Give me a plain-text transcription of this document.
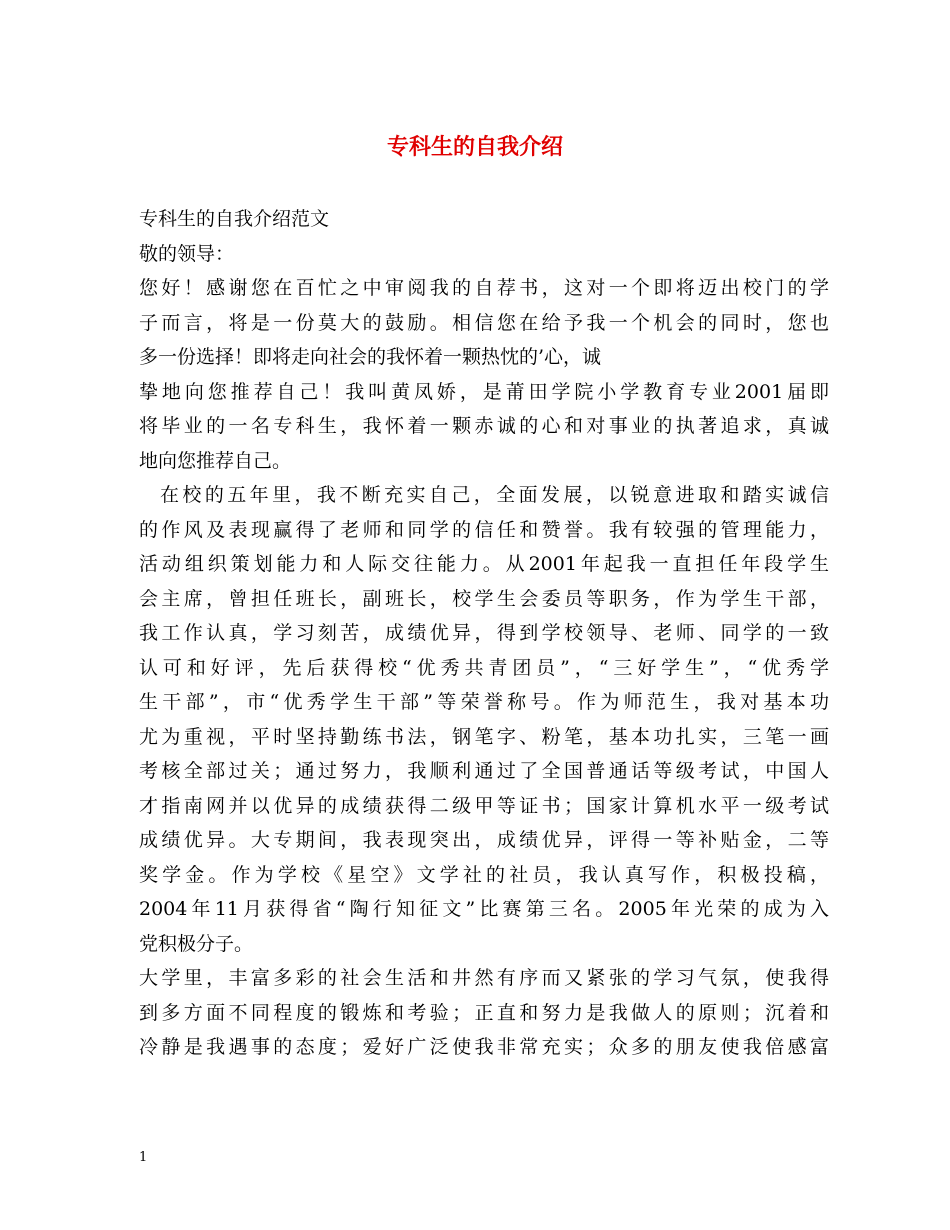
专科生的自我介绍
专科生的自我介绍范文
敬的领导：
您好！感谢您在百忙之中审阅我的自荐书，这对一个即将迈出校门的学
子而言，将是一份莫大的鼓励。相信您在给予我一个机会的同时，您也
多一份选择！即将走向社会的我怀着一颗热忱的’心，诚
挚地向您推荐自己！我叫黄凤娇，是莆田学院小学教育专业2001届即
将毕业的一名专科生，我怀着一颗赤诚的心和对事业的执著追求，真诚
地向您推荐自己。
在校的五年里，我不断充实自己，全面发展，以锐意进取和踏实诚信
的作风及表现赢得了老师和同学的信任和赞誉。我有较强的管理能力，
活动组织策划能力和人际交往能力。从2001年起我一直担任年段学生
会主席，曾担任班长，副班长，校学生会委员等职务，作为学生干部，
我工作认真，学习刻苦，成绩优异，得到学校领导、老师、同学的一致
认可和好评，先后获得校“优秀共青团员”，“三好学生”，“优秀学
生干部”，市“优秀学生干部”等荣誉称号。作为师范生，我对基本功
尤为重视，平时坚持勤练书法，钢笔字、粉笔，基本功扎实，三笔一画
考核全部过关；通过努力，我顺利通过了全国普通话等级考试，中国人
才指南网并以优异的成绩获得二级甲等证书；国家计算机水平一级考试
成绩优异。大专期间，我表现突出，成绩优异，评得一等补贴金，二等
奖学金。作为学校《星空》文学社的社员，我认真写作，积极投稿，
2004年11月获得省“陶行知征文”比赛第三名。2005年光荣的成为入
党积极分子。
大学里，丰富多彩的社会生活和井然有序而又紧张的学习气氛，使我得
到多方面不同程度的锻炼和考验；正直和努力是我做人的原则；沉着和
冷静是我遇事的态度；爱好广泛使我非常充实；众多的朋友使我倍感富

1
